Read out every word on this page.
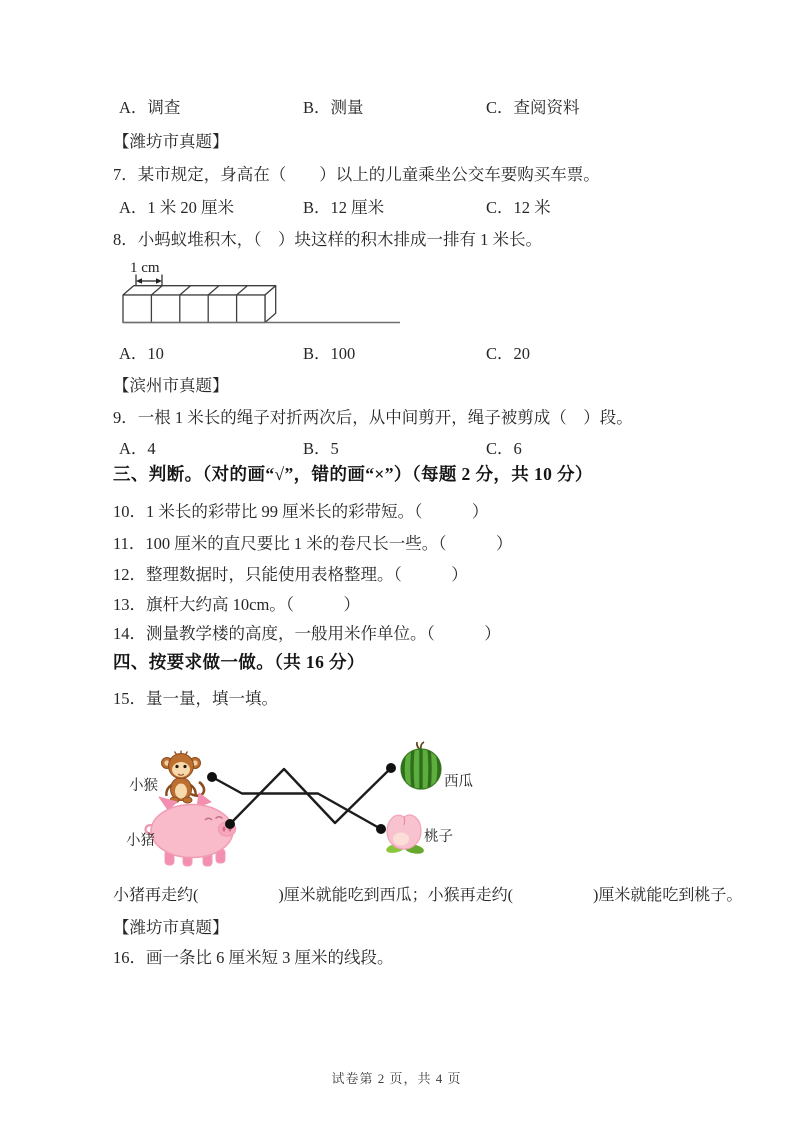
A．调查	B．测量	C．查阅资料
【潍坊市真题】
7．某市规定，身高在（　　）以上的儿童乘坐公交车要购买车票。
A．1 米 20 厘米	B．12 厘米	C．12 米
8．小蚂蚁堆积木，（　）块这样的积木排成一排有 1 米长。
1 cm
A．10	B．100	C．20
【滨州市真题】
9．一根 1 米长的绳子对折两次后，从中间剪开，绳子被剪成（　）段。
A．4	B．5	C．6
三、判断。（对的画“√”，错的画“×”）（每题 2 分，共 10 分）
10．1 米长的彩带比 99 厘米长的彩带短。（　　　）
11．100 厘米的直尺要比 1 米的卷尺长一些。（　　　）
12．整理数据时，只能使用表格整理。（　　　）
13．旗杆大约高 10cm。（　　　）
14．测量教学楼的高度，一般用米作单位。（　　　）
四、按要求做一做。（共 16 分）
15．量一量，填一填。
小猴
小猪
西瓜
桃子
小猪再走约(　　　　　)厘米就能吃到西瓜；小猴再走约(　　　　　)厘米就能吃到桃子。
【潍坊市真题】
16．画一条比 6 厘米短 3 厘米的线段。
试卷第 2 页，共 4 页
